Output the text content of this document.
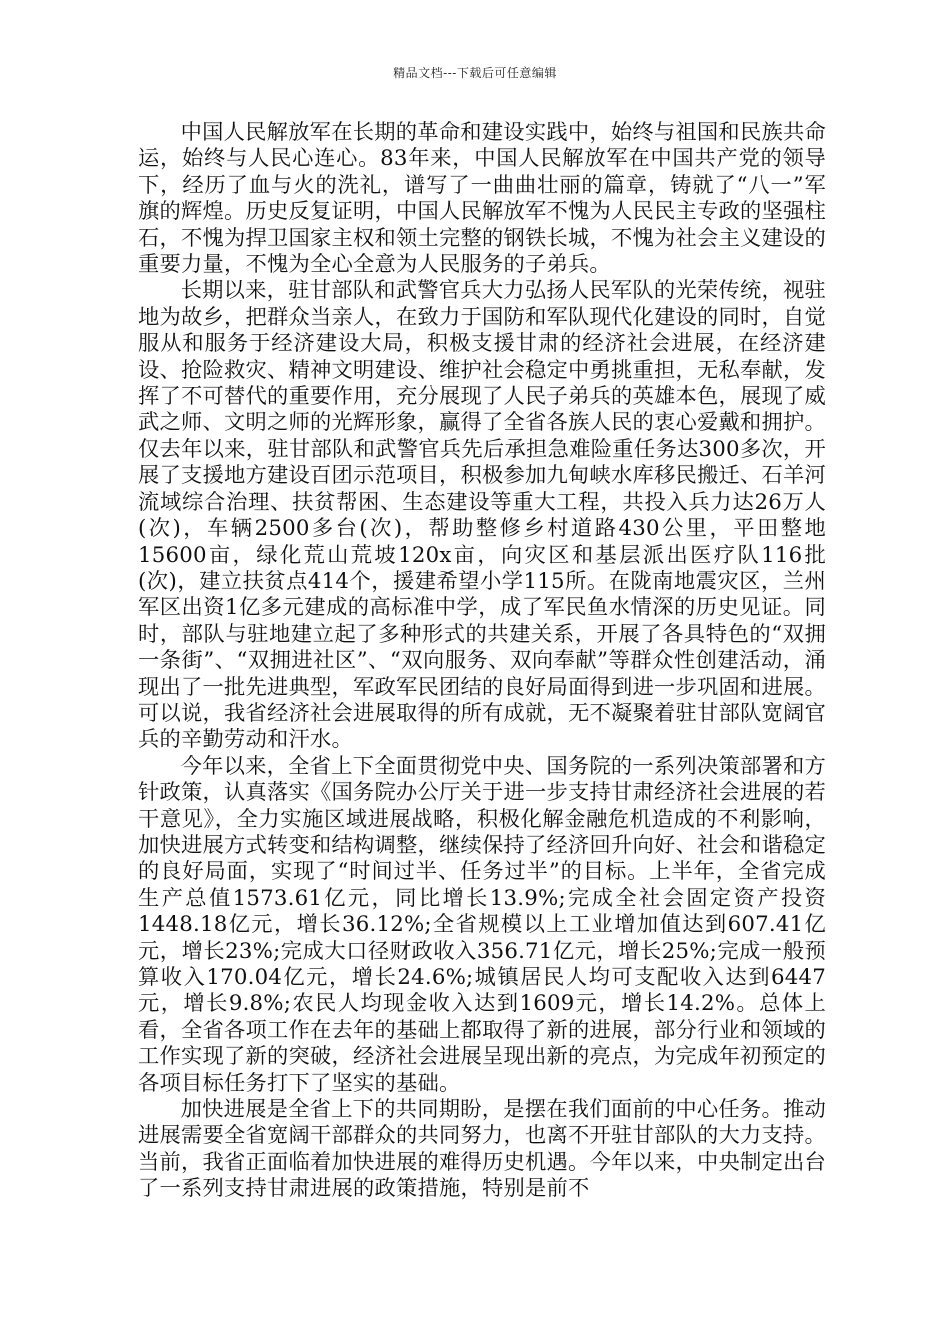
精品文档---下载后可任意编辑

中国人民解放军在长期的革命和建设实践中，始终与祖国和民族共命运，始终与人民心连心。83年来，中国人民解放军在中国共产党的领导下，经历了血与火的洗礼，谱写了一曲曲壮丽的篇章，铸就了“八一”军旗的辉煌。历史反复证明，中国人民解放军不愧为人民民主专政的坚强柱石，不愧为捍卫国家主权和领土完整的钢铁长城，不愧为社会主义建设的重要力量，不愧为全心全意为人民服务的子弟兵。

长期以来，驻甘部队和武警官兵大力弘扬人民军队的光荣传统，视驻地为故乡，把群众当亲人，在致力于国防和军队现代化建设的同时，自觉服从和服务于经济建设大局，积极支援甘肃的经济社会进展，在经济建设、抢险救灾、精神文明建设、维护社会稳定中勇挑重担，无私奉献，发挥了不可替代的重要作用，充分展现了人民子弟兵的英雄本色，展现了威武之师、文明之师的光辉形象，赢得了全省各族人民的衷心爱戴和拥护。仅去年以来，驻甘部队和武警官兵先后承担急难险重任务达300多次，开展了支援地方建设百团示范项目，积极参加九甸峡水库移民搬迁、石羊河流域综合治理、扶贫帮困、生态建设等重大工程，共投入兵力达26万人(次)，车辆2500多台(次)，帮助整修乡村道路430公里，平田整地15600亩，绿化荒山荒坡120x亩，向灾区和基层派出医疗队116批(次)，建立扶贫点414个，援建希望小学115所。在陇南地震灾区，兰州军区出资1亿多元建成的高标准中学，成了军民鱼水情深的历史见证。同时，部队与驻地建立起了多种形式的共建关系，开展了各具特色的“双拥一条街”、“双拥进社区”、“双向服务、双向奉献”等群众性创建活动，涌现出了一批先进典型，军政军民团结的良好局面得到进一步巩固和进展。可以说，我省经济社会进展取得的所有成就，无不凝聚着驻甘部队宽阔官兵的辛勤劳动和汗水。

今年以来，全省上下全面贯彻党中央、国务院的一系列决策部署和方针政策，认真落实《国务院办公厅关于进一步支持甘肃经济社会进展的若干意见》，全力实施区域进展战略，积极化解金融危机造成的不利影响，加快进展方式转变和结构调整，继续保持了经济回升向好、社会和谐稳定的良好局面，实现了“时间过半、任务过半”的目标。上半年，全省完成生产总值1573.61亿元，同比增长13.9%;完成全社会固定资产投资1448.18亿元，增长36.12%;全省规模以上工业增加值达到607.41亿元，增长23%;完成大口径财政收入356.71亿元，增长25%;完成一般预算收入170.04亿元，增长24.6%;城镇居民人均可支配收入达到6447元，增长9.8%;农民人均现金收入达到1609元，增长14.2%。总体上看，全省各项工作在去年的基础上都取得了新的进展，部分行业和领域的工作实现了新的突破，经济社会进展呈现出新的亮点，为完成年初预定的各项目标任务打下了坚实的基础。

加快进展是全省上下的共同期盼，是摆在我们面前的中心任务。推动进展需要全省宽阔干部群众的共同努力，也离不开驻甘部队的大力支持。当前，我省正面临着加快进展的难得历史机遇。今年以来，中央制定出台了一系列支持甘肃进展的政策措施，特别是前不
